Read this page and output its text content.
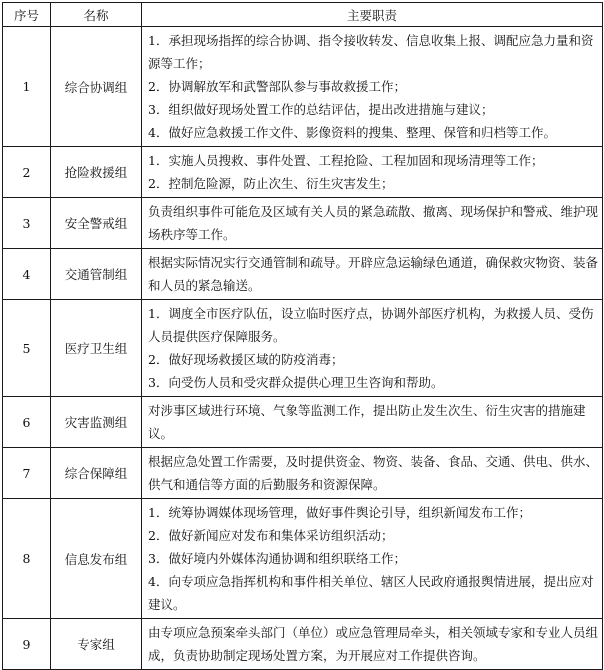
序号	名称	主要职责
1	综合协调组	1．承担现场指挥的综合协调、指令接收转发、信息收集上报、调配应急力量和资源等工作；
2．协调解放军和武警部队参与事故救援工作；
3．组织做好现场处置工作的总结评估，提出改进措施与建议；
4．做好应急救援工作文件、影像资料的搜集、整理、保管和归档等工作。

2	抢险救援组	1．实施人员搜救、事件处置、工程抢险、工程加固和现场清理等工作；
2．控制危险源，防止次生、衍生灾害发生；

3	安全警戒组	负责组织事件可能危及区域有关人员的紧急疏散、撤离、现场保护和警戒、维护现场秩序等工作。

4	交通管制组	根据实际情况实行交通管制和疏导。开辟应急运输绿色通道，确保救灾物资、装备和人员的紧急输送。

5	医疗卫生组	1．调度全市医疗队伍，设立临时医疗点，协调外部医疗机构，为救援人员、受伤人员提供医疗保障服务。
2．做好现场救援区域的防疫消毒；
3．向受伤人员和受灾群众提供心理卫生咨询和帮助。

6	灾害监测组	对涉事区域进行环境、气象等监测工作，提出防止发生次生、衍生灾害的措施建议。

7	综合保障组	根据应急处置工作需要，及时提供资金、物资、装备、食品、交通、供电、供水、供气和通信等方面的后勤服务和资源保障。

8	信息发布组	1．统筹协调媒体现场管理，做好事件舆论引导，组织新闻发布工作；
2．做好新闻应对发布和集体采访组织活动；
3．做好境内外媒体沟通协调和组织联络工作；
4．向专项应急指挥机构和事件相关单位、辖区人民政府通报舆情进展，提出应对建议。

9	专家组	由专项应急预案牵头部门（单位）或应急管理局牵头，相关领域专家和专业人员组成，负责协助制定现场处置方案，为开展应对工作提供咨询。
